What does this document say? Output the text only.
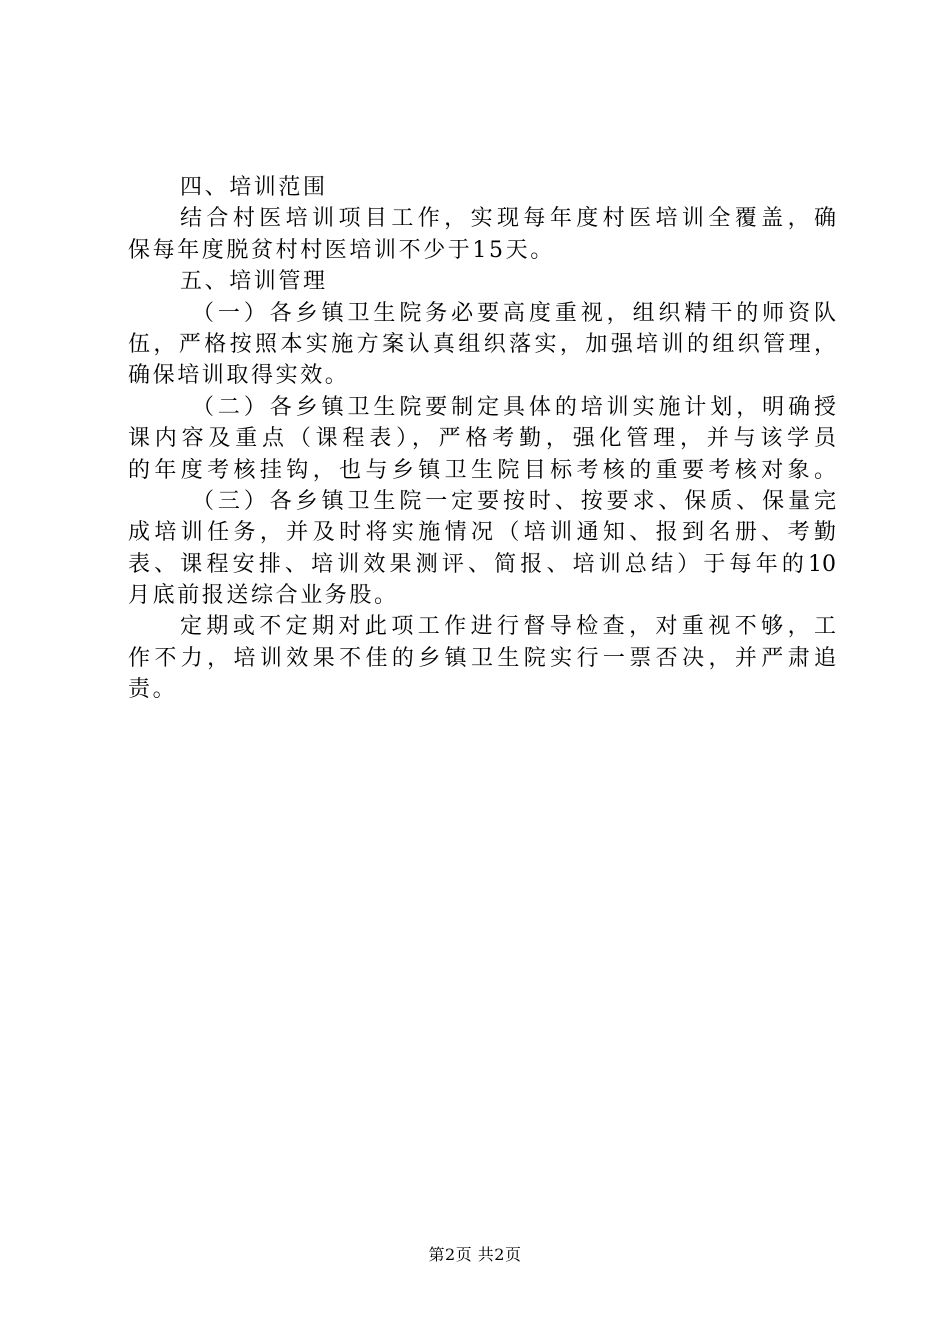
四、培训范围
结合村医培训项目工作，实现每年度村医培训全覆盖，确
保每年度脱贫村村医培训不少于15天。
五、培训管理
（一）各乡镇卫生院务必要高度重视，组织精干的师资队
伍，严格按照本实施方案认真组织落实，加强培训的组织管理，
确保培训取得实效。
（二）各乡镇卫生院要制定具体的培训实施计划，明确授
课内容及重点（课程表），严格考勤，强化管理，并与该学员
的年度考核挂钩，也与乡镇卫生院目标考核的重要考核对象。
（三）各乡镇卫生院一定要按时、按要求、保质、保量完
成培训任务，并及时将实施情况（培训通知、报到名册、考勤
表、课程安排、培训效果测评、简报、培训总结）于每年的10
月底前报送综合业务股。
定期或不定期对此项工作进行督导检查，对重视不够，工
作不力，培训效果不佳的乡镇卫生院实行一票否决，并严肃追
责。
第2页 共2页
